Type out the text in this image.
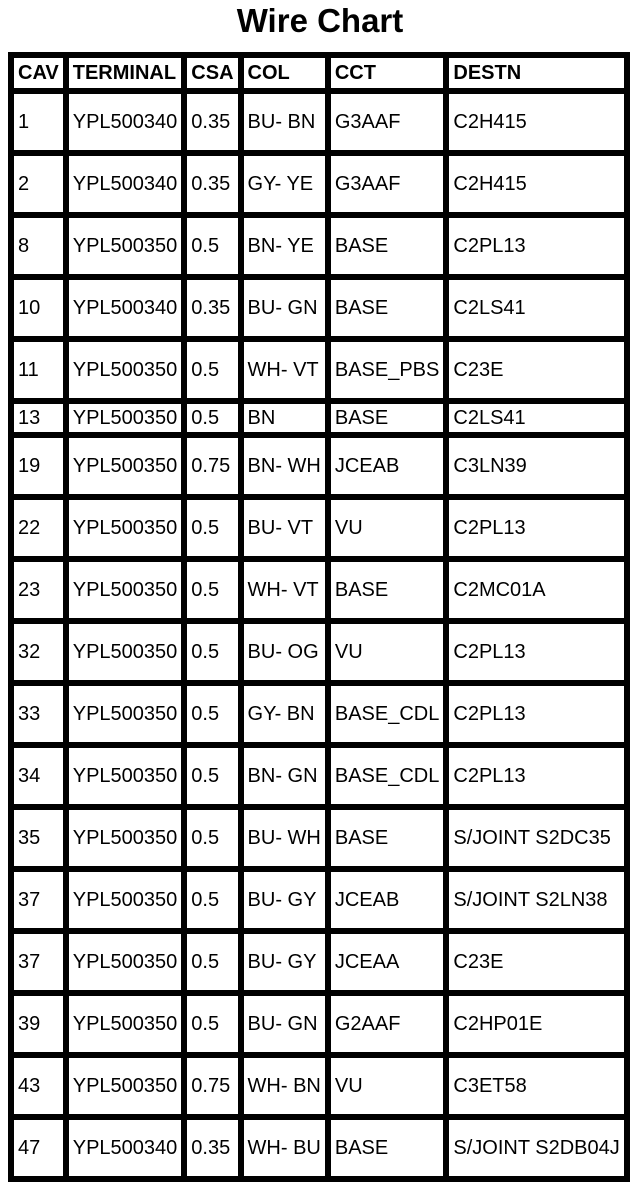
Wire Chart
CAV	TERMINAL	CSA	COL	CCT	DESTN
1	YPL500340	0.35	BU- BN	G3AAF	C2H415
2	YPL500340	0.35	GY- YE	G3AAF	C2H415
8	YPL500350	0.5	BN- YE	BASE	C2PL13
10	YPL500340	0.35	BU- GN	BASE	C2LS41
11	YPL500350	0.5	WH- VT	BASE_PBS	C23E
13	YPL500350	0.5	BN	BASE	C2LS41
19	YPL500350	0.75	BN- WH	JCEAB	C3LN39
22	YPL500350	0.5	BU- VT	VU	C2PL13
23	YPL500350	0.5	WH- VT	BASE	C2MC01A
32	YPL500350	0.5	BU- OG	VU	C2PL13
33	YPL500350	0.5	GY- BN	BASE_CDL	C2PL13
34	YPL500350	0.5	BN- GN	BASE_CDL	C2PL13
35	YPL500350	0.5	BU- WH	BASE	S/JOINT S2DC35
37	YPL500350	0.5	BU- GY	JCEAB	S/JOINT S2LN38
37	YPL500350	0.5	BU- GY	JCEAA	C23E
39	YPL500350	0.5	BU- GN	G2AAF	C2HP01E
43	YPL500350	0.75	WH- BN	VU	C3ET58
47	YPL500340	0.35	WH- BU	BASE	S/JOINT S2DB04J
